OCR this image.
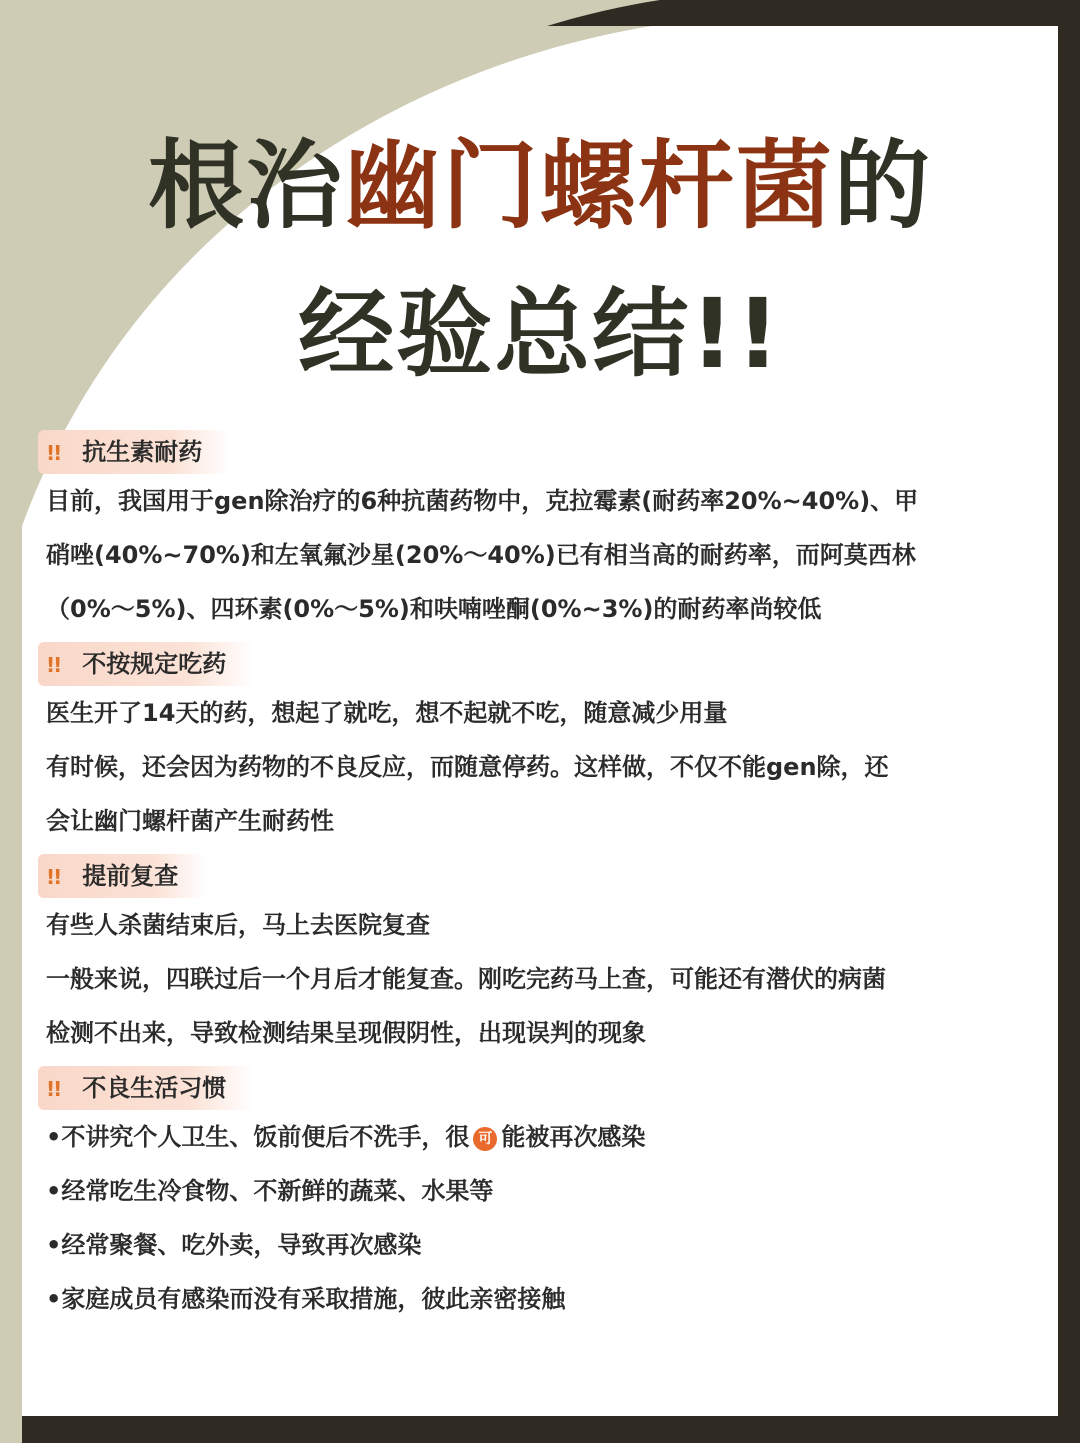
根治幽门螺杆菌的
经验总结!!
!! 抗生素耐药
目前，我国用于gen除治疗的6种抗菌药物中，克拉霉素(耐药率20%~40%)、甲
硝唑(40%~70%)和左氧氟沙星(20%～40%)已有相当高的耐药率，而阿莫西林
（0%～5%)、四环素(0%～5%)和呋喃唑酮(0%~3%)的耐药率尚较低
!! 不按规定吃药
医生开了14天的药，想起了就吃，想不起就不吃，随意减少用量
有时候，还会因为药物的不良反应，而随意停药。这样做，不仅不能gen除，还
会让幽门螺杆菌产生耐药性
!! 提前复查
有些人杀菌结束后，马上去医院复查
一般来说，四联过后一个月后才能复查。刚吃完药马上查，可能还有潜伏的病菌
检测不出来，导致检测结果呈现假阴性，出现误判的现象
!! 不良生活习惯
•不讲究个人卫生、饭前便后不洗手，很 可 能被再次感染
•经常吃生冷食物、不新鲜的蔬菜、水果等
•经常聚餐、吃外卖，导致再次感染
•家庭成员有感染而没有采取措施，彼此亲密接触
